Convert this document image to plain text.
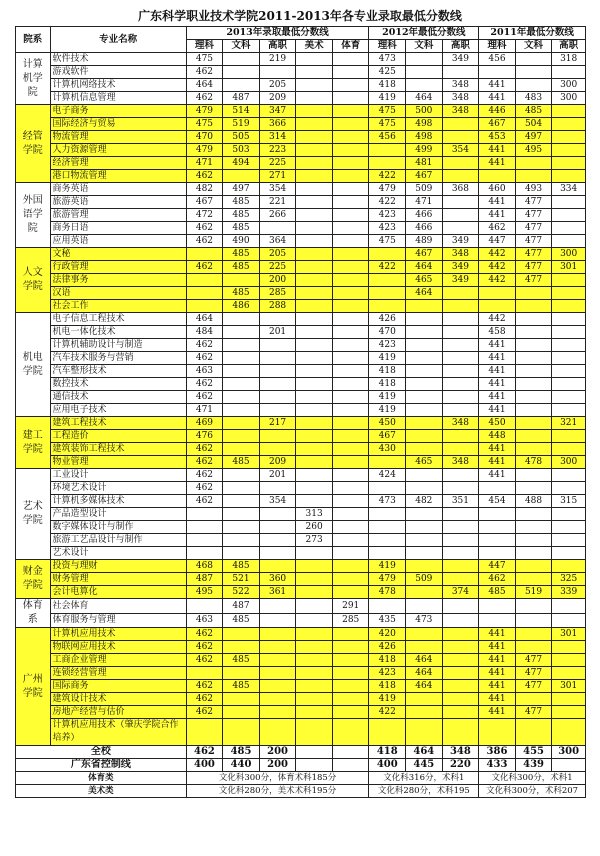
广东科学职业技术学院2011-2013年各专业录取最低分数线
院系	专业名称	2013年录取最低分数线					2012年最低分数线			2011年最低分数线		
		理科	文科	高职	美术	体育	理科	文科	高职	理科	文科	高职
计算机学院	软件技术	475		219			473		349	456		318
	游戏软件	462					425					
	计算机网络技术	464		205			418		348	441		300
	计算机信息管理	462	487	209			419	464	348	441	483	300
经管学院	电子商务	479	514	347			475	500	348	446	485	
	国际经济与贸易	475	519	366			475	498		467	504	
	物流管理	470	505	314			456	498		453	497	
	人力资源管理	479	503	223				499	354	441	495	
	经济管理	471	494	225				481		441		
	港口物流管理	462		271			422	467				
外国语学院	商务英语	482	497	354			479	509	368	460	493	334
	旅游英语	467	485	221			422	471		441	477	
	旅游管理	472	485	266			423	466		441	477	
	商务日语	462	485				423	466		462	477	
	应用英语	462	490	364			475	489	349	447	477	
人文学院	文秘		485	205				467	348	442	477	300
	行政管理	462	485	225			422	464	349	442	477	301
	法律事务			200				465	349	442	477	
	汉语		485	285				464				
	社会工作		486	288								
机电学院	电子信息工程技术	464					426			442		
	机电一体化技术	484		201			470			458		
	计算机辅助设计与制造	462					423			441		
	汽车技术服务与营销	462					419			441		
	汽车整形技术	463					418			441		
	数控技术	462					418			441		
	通信技术	462					419			441		
	应用电子技术	471					419			441		
建工学院	建筑工程技术	469		217			450		348	450		321
	工程造价	476					467			448		
	建筑装饰工程技术	462					430			441		
	物业管理	462	485	209				465	348	441	478	300
艺术学院	工业设计	462		201			424			441		
	环境艺术设计	462										
	计算机多媒体技术	462		354			473	482	351	454	488	315
	产品造型设计				313							
	数字媒体设计与制作				260							
	旅游工艺品设计与制作				273							
	艺术设计											
财金学院	投资与理财	468	485				419			447		
	财务管理	487	521	360			479	509		462		325
	会计电算化	495	522	361			478		374	485	519	339
体育系	社会体育		487			291						
	体育服务与管理	463	485			285	435	473				
广州学院	计算机应用技术	462					420			441		301
	物联网应用技术	462					426			441		
	工商企业管理	462	485				418	464		441	477	
	连锁经营管理						423	464		441	477	
	国际商务	462	485				418	464		441	477	301
	建筑设计技术	462					419			441		
	房地产经营与估价	462					422			441	477	
	计算机应用技术（肇庆学院合作培养）											
全校		462	485	200			418	464	348	386	455	300
广东省控制线		400	440	200			400	445	220	433	439	
体育类		文化科300分，体育术科185分					文化科316分，术科1			文化科300分，术科1		
美术类		文化科280分，美术术科195分					文化科280分，术科195			文化科300分，术科207		
